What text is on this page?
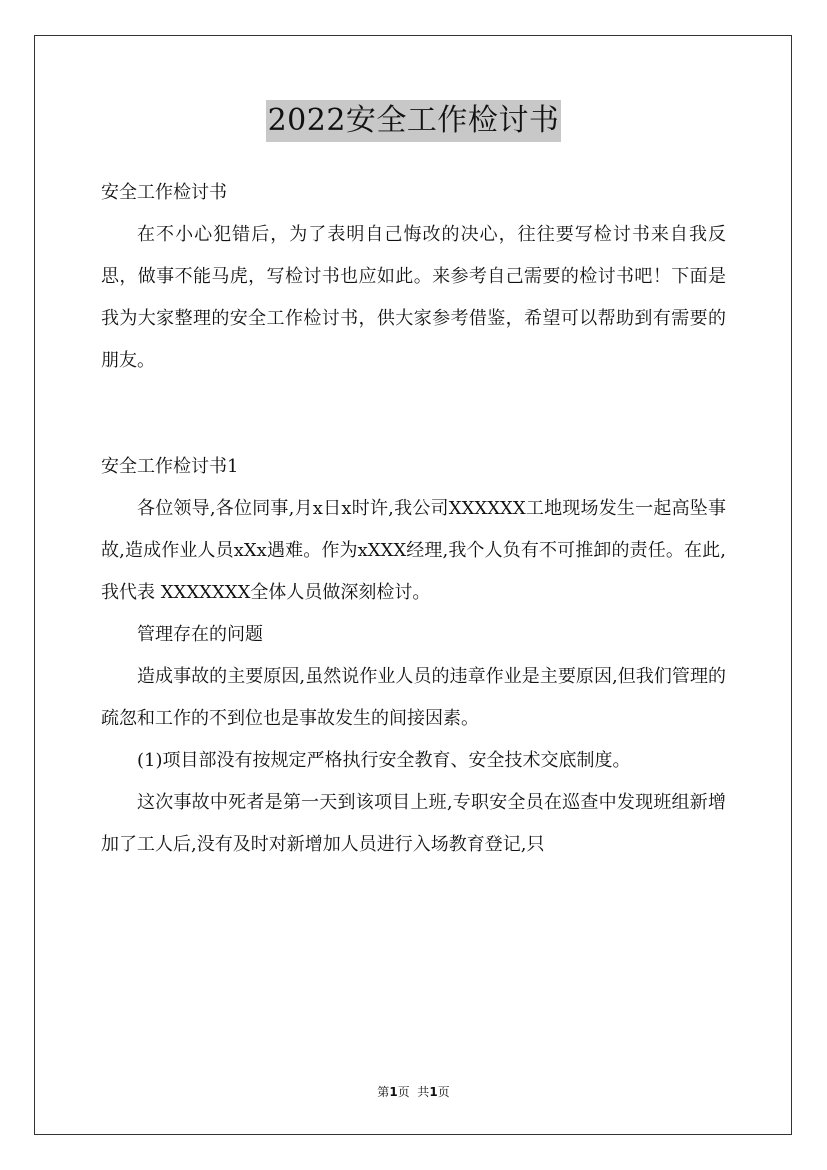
2022安全工作检讨书

安全工作检讨书

在不小心犯错后，为了表明自己悔改的决心，往往要写检讨书来自我反思，做事不能马虎，写检讨书也应如此。来参考自己需要的检讨书吧！下面是我为大家整理的安全工作检讨书，供大家参考借鉴，希望可以帮助到有需要的朋友。

安全工作检讨书1

各位领导,各位同事,月x日x时许,我公司XXXXXX工地现场发生一起高坠事故,造成作业人员xXx遇难。作为xXXX经理,我个人负有不可推卸的责任。在此,我代表 XXXXXXX全体人员做深刻检讨。

管理存在的问题

造成事故的主要原因,虽然说作业人员的违章作业是主要原因,但我们管理的疏忽和工作的不到位也是事故发生的间接因素。

(1)项目部没有按规定严格执行安全教育、安全技术交底制度。

这次事故中死者是第一天到该项目上班,专职安全员在巡查中发现班组新增加了工人后,没有及时对新增加人员进行入场教育登记,只

第1页  共1页
